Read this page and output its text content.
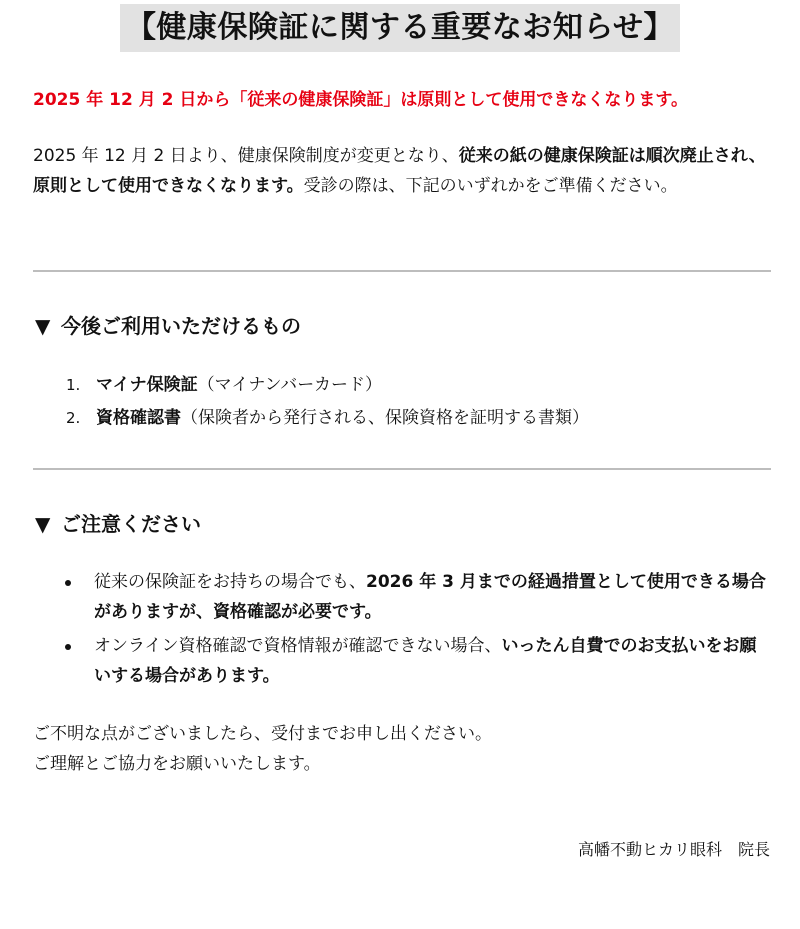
【健康保険証に関する重要なお知らせ】
2025 年 12 月 2 日から「従来の健康保険証」は原則として使用できなくなります。
2025 年 12 月 2 日より、健康保険制度が変更となり、従来の紙の健康保険証は順次廃止され、原則として使用できなくなります。受診の際は、下記のいずれかをご準備ください。
▼ 今後ご利用いただけるもの
1. マイナ保険証（マイナンバーカード）
2. 資格確認書（保険者から発行される、保険資格を証明する書類）
▼ ご注意ください
従来の保険証をお持ちの場合でも、2026 年 3 月までの経過措置として使用できる場合がありますが、資格確認が必要です。
オンライン資格確認で資格情報が確認できない場合、いったん自費でのお支払いをお願いする場合があります。
ご不明な点がございましたら、受付までお申し出ください。
ご理解とご協力をお願いいたします。
高幡不動ヒカリ眼科　院長
